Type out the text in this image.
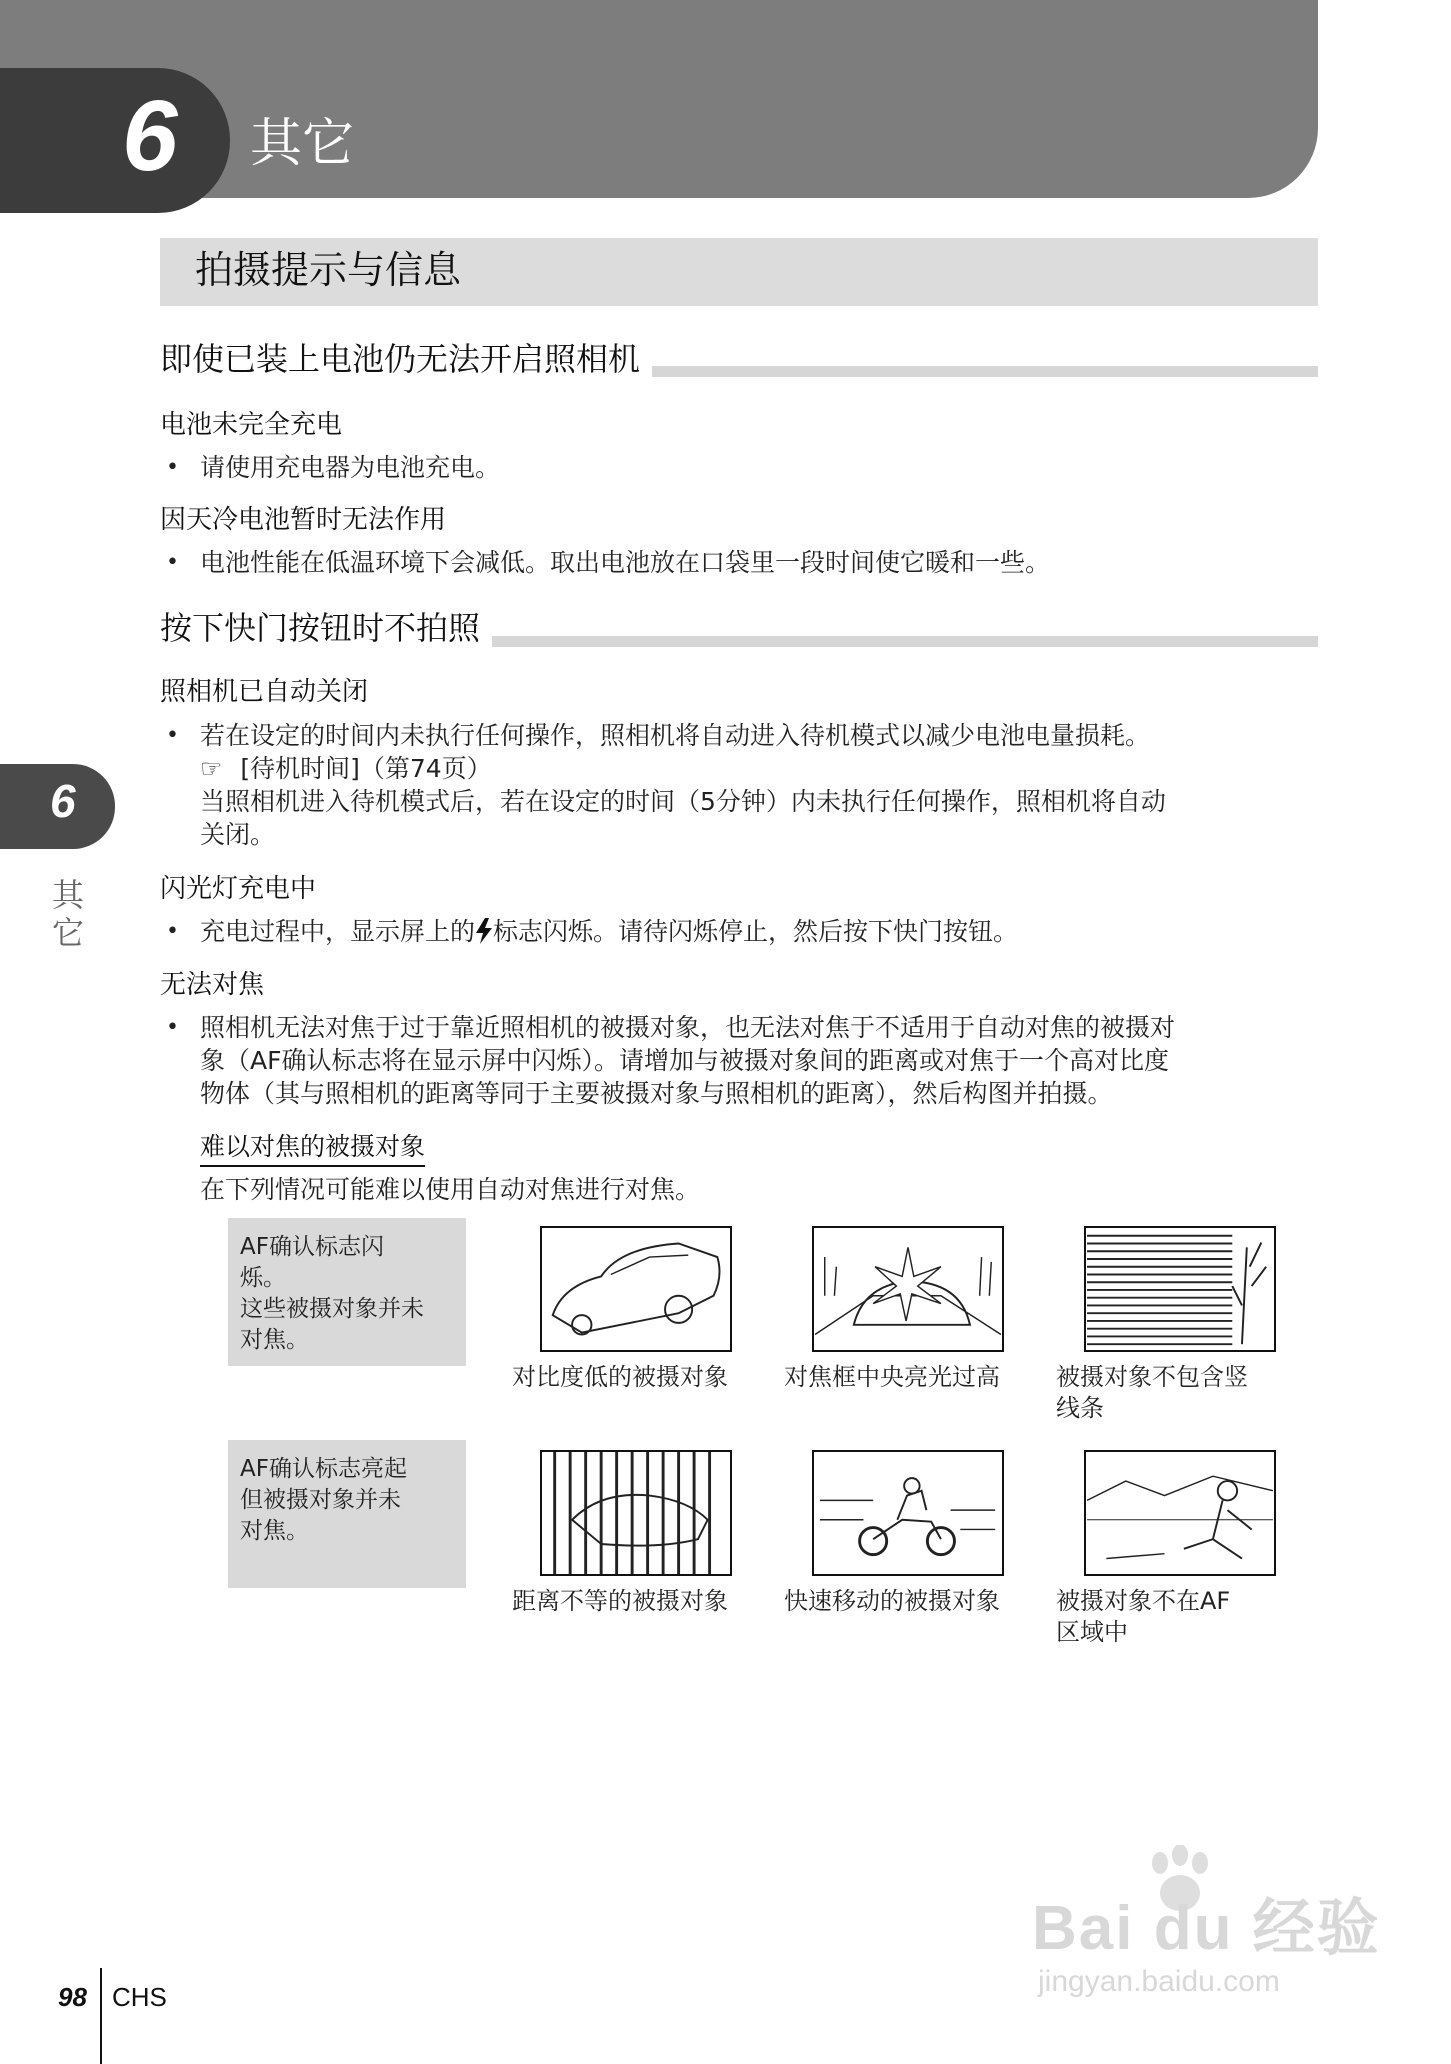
6 其它
拍摄提示与信息
即使已装上电池仍无法开启照相机
电池未完全充电
• 请使用充电器为电池充电。
因天冷电池暂时无法作用
• 电池性能在低温环境下会减低。取出电池放在口袋里一段时间使它暖和一些。
按下快门按钮时不拍照
照相机已自动关闭
• 若在设定的时间内未执行任何操作，照相机将自动进入待机模式以减少电池电量损耗。
☞ [待机时间]（第74页）
当照相机进入待机模式后，若在设定的时间（5分钟）内未执行任何操作，照相机将自动
关闭。
闪光灯充电中
• 充电过程中，显示屏上的 标志闪烁。请待闪烁停止，然后按下快门按钮。
无法对焦
• 照相机无法对焦于过于靠近照相机的被摄对象，也无法对焦于不适用于自动对焦的被摄对
象（AF确认标志将在显示屏中闪烁）。请增加与被摄对象间的距离或对焦于一个高对比度
物体（其与照相机的距离等同于主要被摄对象与照相机的距离），然后构图并拍摄。
难以对焦的被摄对象
在下列情况可能难以使用自动对焦进行对焦。
AF确认标志闪
烁。
这些被摄对象并未
对焦。
对比度低的被摄对象	对焦框中央亮光过高	被摄对象不包含竖
线条
AF确认标志亮起
但被摄对象并未
对焦。
距离不等的被摄对象	快速移动的被摄对象	被摄对象不在AF
区域中
6
其
它
98 CHS
Bai du 经验
jingyan.baidu.com
